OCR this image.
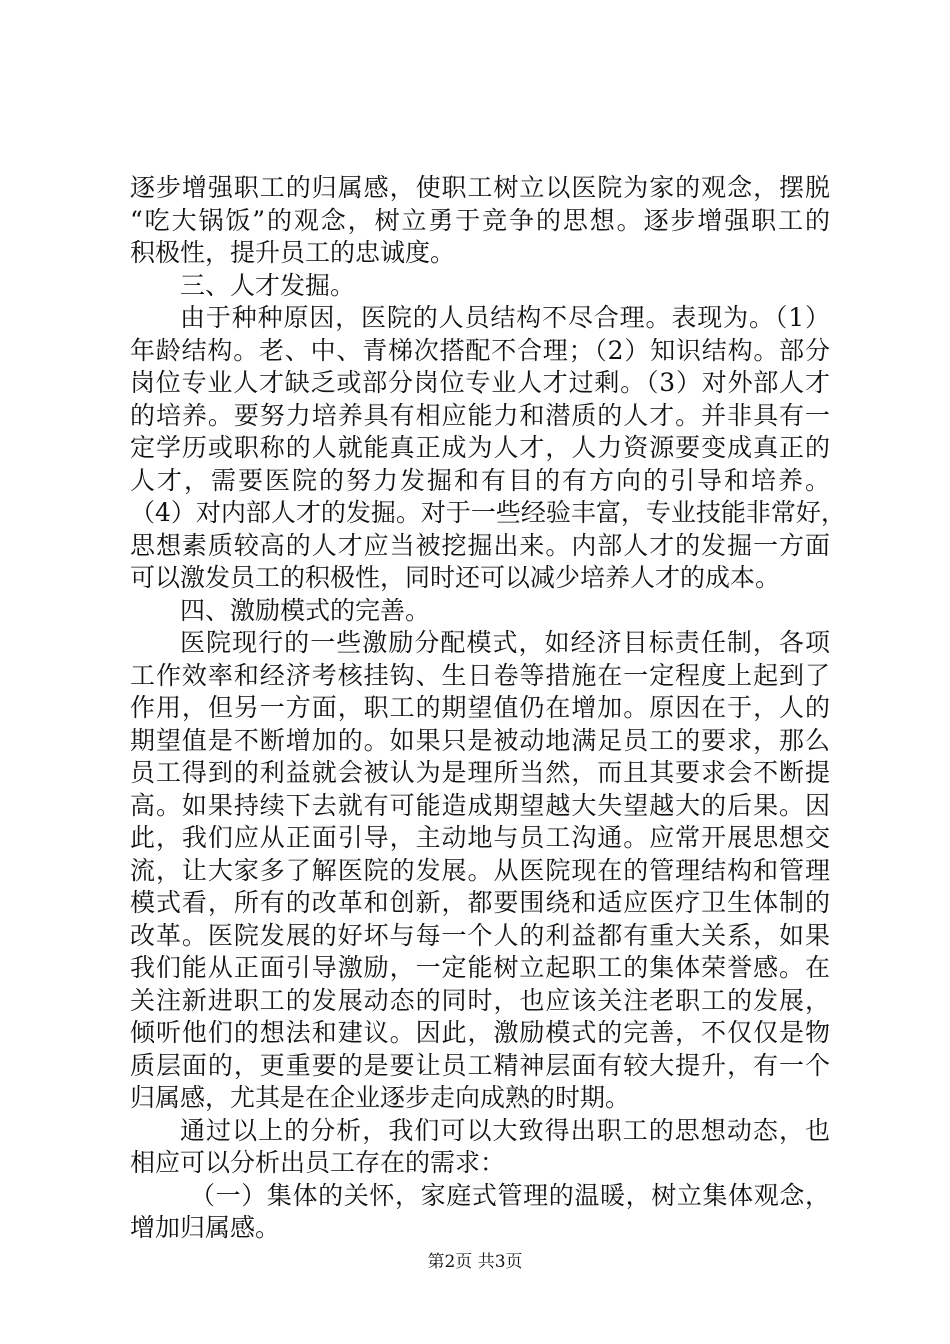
逐步增强职工的归属感，使职工树立以医院为家的观念，摆脱
“吃大锅饭”的观念，树立勇于竞争的思想。逐步增强职工的
积极性，提升员工的忠诚度。
三、人才发掘。
由于种种原因，医院的人员结构不尽合理。表现为。（1）
年龄结构。老、中、青梯次搭配不合理；（2）知识结构。部分
岗位专业人才缺乏或部分岗位专业人才过剩。（3）对外部人才
的培养。要努力培养具有相应能力和潜质的人才。并非具有一
定学历或职称的人就能真正成为人才，人力资源要变成真正的
人才，需要医院的努力发掘和有目的有方向的引导和培养。
（4）对内部人才的发掘。对于一些经验丰富，专业技能非常好，
思想素质较高的人才应当被挖掘出来。内部人才的发掘一方面
可以激发员工的积极性，同时还可以减少培养人才的成本。
四、激励模式的完善。
医院现行的一些激励分配模式，如经济目标责任制，各项
工作效率和经济考核挂钩、生日卷等措施在一定程度上起到了
作用，但另一方面，职工的期望值仍在增加。原因在于，人的
期望值是不断增加的。如果只是被动地满足员工的要求，那么
员工得到的利益就会被认为是理所当然，而且其要求会不断提
高。如果持续下去就有可能造成期望越大失望越大的后果。因
此，我们应从正面引导，主动地与员工沟通。应常开展思想交
流，让大家多了解医院的发展。从医院现在的管理结构和管理
模式看，所有的改革和创新，都要围绕和适应医疗卫生体制的
改革。医院发展的好坏与每一个人的利益都有重大关系，如果
我们能从正面引导激励，一定能树立起职工的集体荣誉感。在
关注新进职工的发展动态的同时，也应该关注老职工的发展，
倾听他们的想法和建议。因此，激励模式的完善，不仅仅是物
质层面的，更重要的是要让员工精神层面有较大提升，有一个
归属感，尤其是在企业逐步走向成熟的时期。
通过以上的分析，我们可以大致得出职工的思想动态，也
相应可以分析出员工存在的需求：
（一）集体的关怀，家庭式管理的温暖，树立集体观念，
增加归属感。
第2页 共3页
